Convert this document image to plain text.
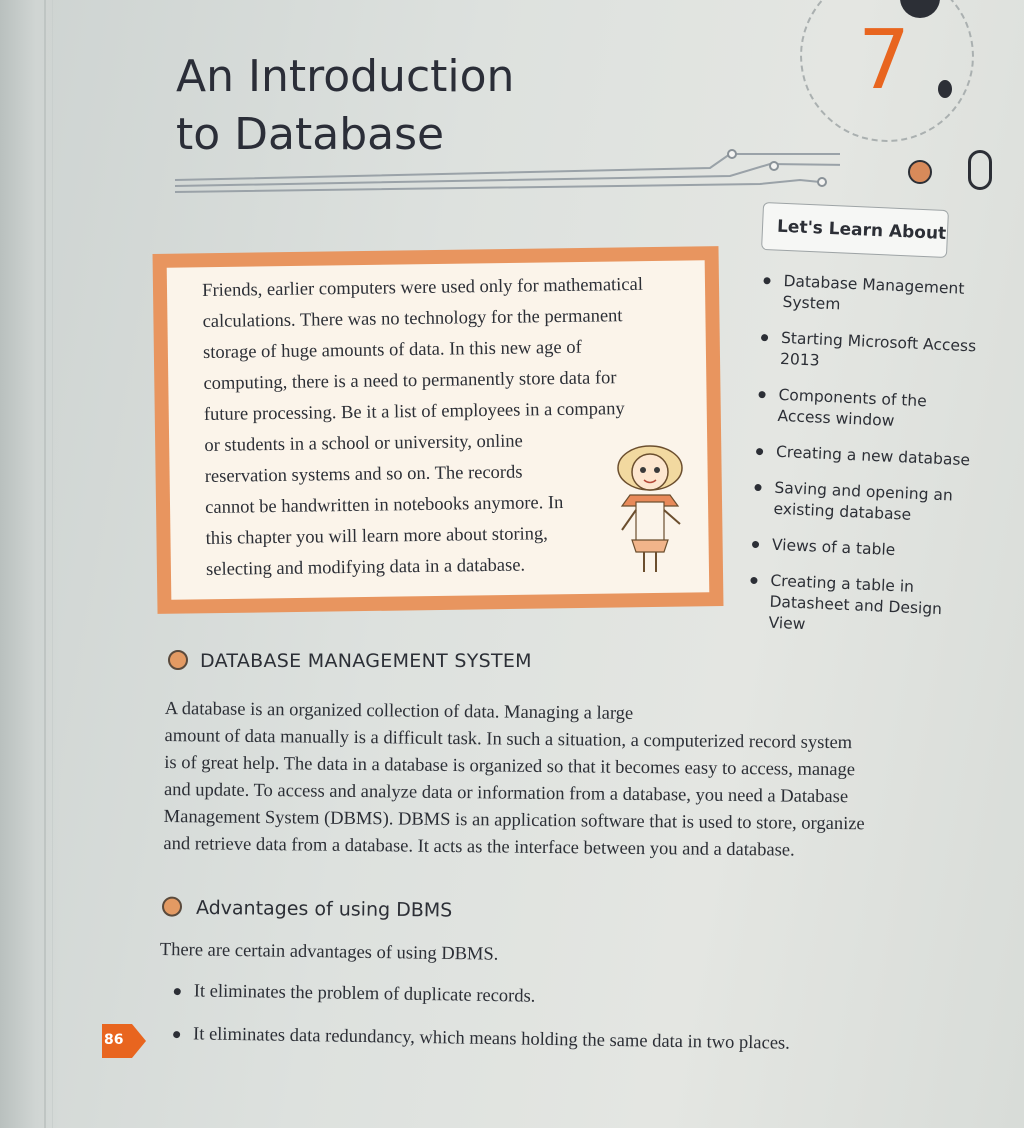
An Introduction
to Database
7
Let's Learn About
Database Management System
Starting Microsoft Access 2013
Components of the Access window
Creating a new database
Saving and opening an existing database
Views of a table
Creating a table in Datasheet and Design View
Friends, earlier computers were used only for mathematical
calculations. There was no technology for the permanent
storage of huge amounts of data. In this new age of
computing, there is a need to permanently store data for
future processing. Be it a list of employees in a company
or students in a school or university, online
reservation systems and so on. The records
cannot be handwritten in notebooks anymore. In
this chapter you will learn more about storing,
selecting and modifying data in a database.
DATABASE MANAGEMENT SYSTEM
A database is an organized collection of data. Managing a large
amount of data manually is a difficult task. In such a situation, a computerized record system
is of great help. The data in a database is organized so that it becomes easy to access, manage
and update. To access and analyze data or information from a database, you need a Database
Management System (DBMS). DBMS is an application software that is used to store, organize
and retrieve data from a database. It acts as the interface between you and a database.
Advantages of using DBMS
There are certain advantages of using DBMS.
It eliminates the problem of duplicate records.
It eliminates data redundancy, which means holding the same data in two places.
86
